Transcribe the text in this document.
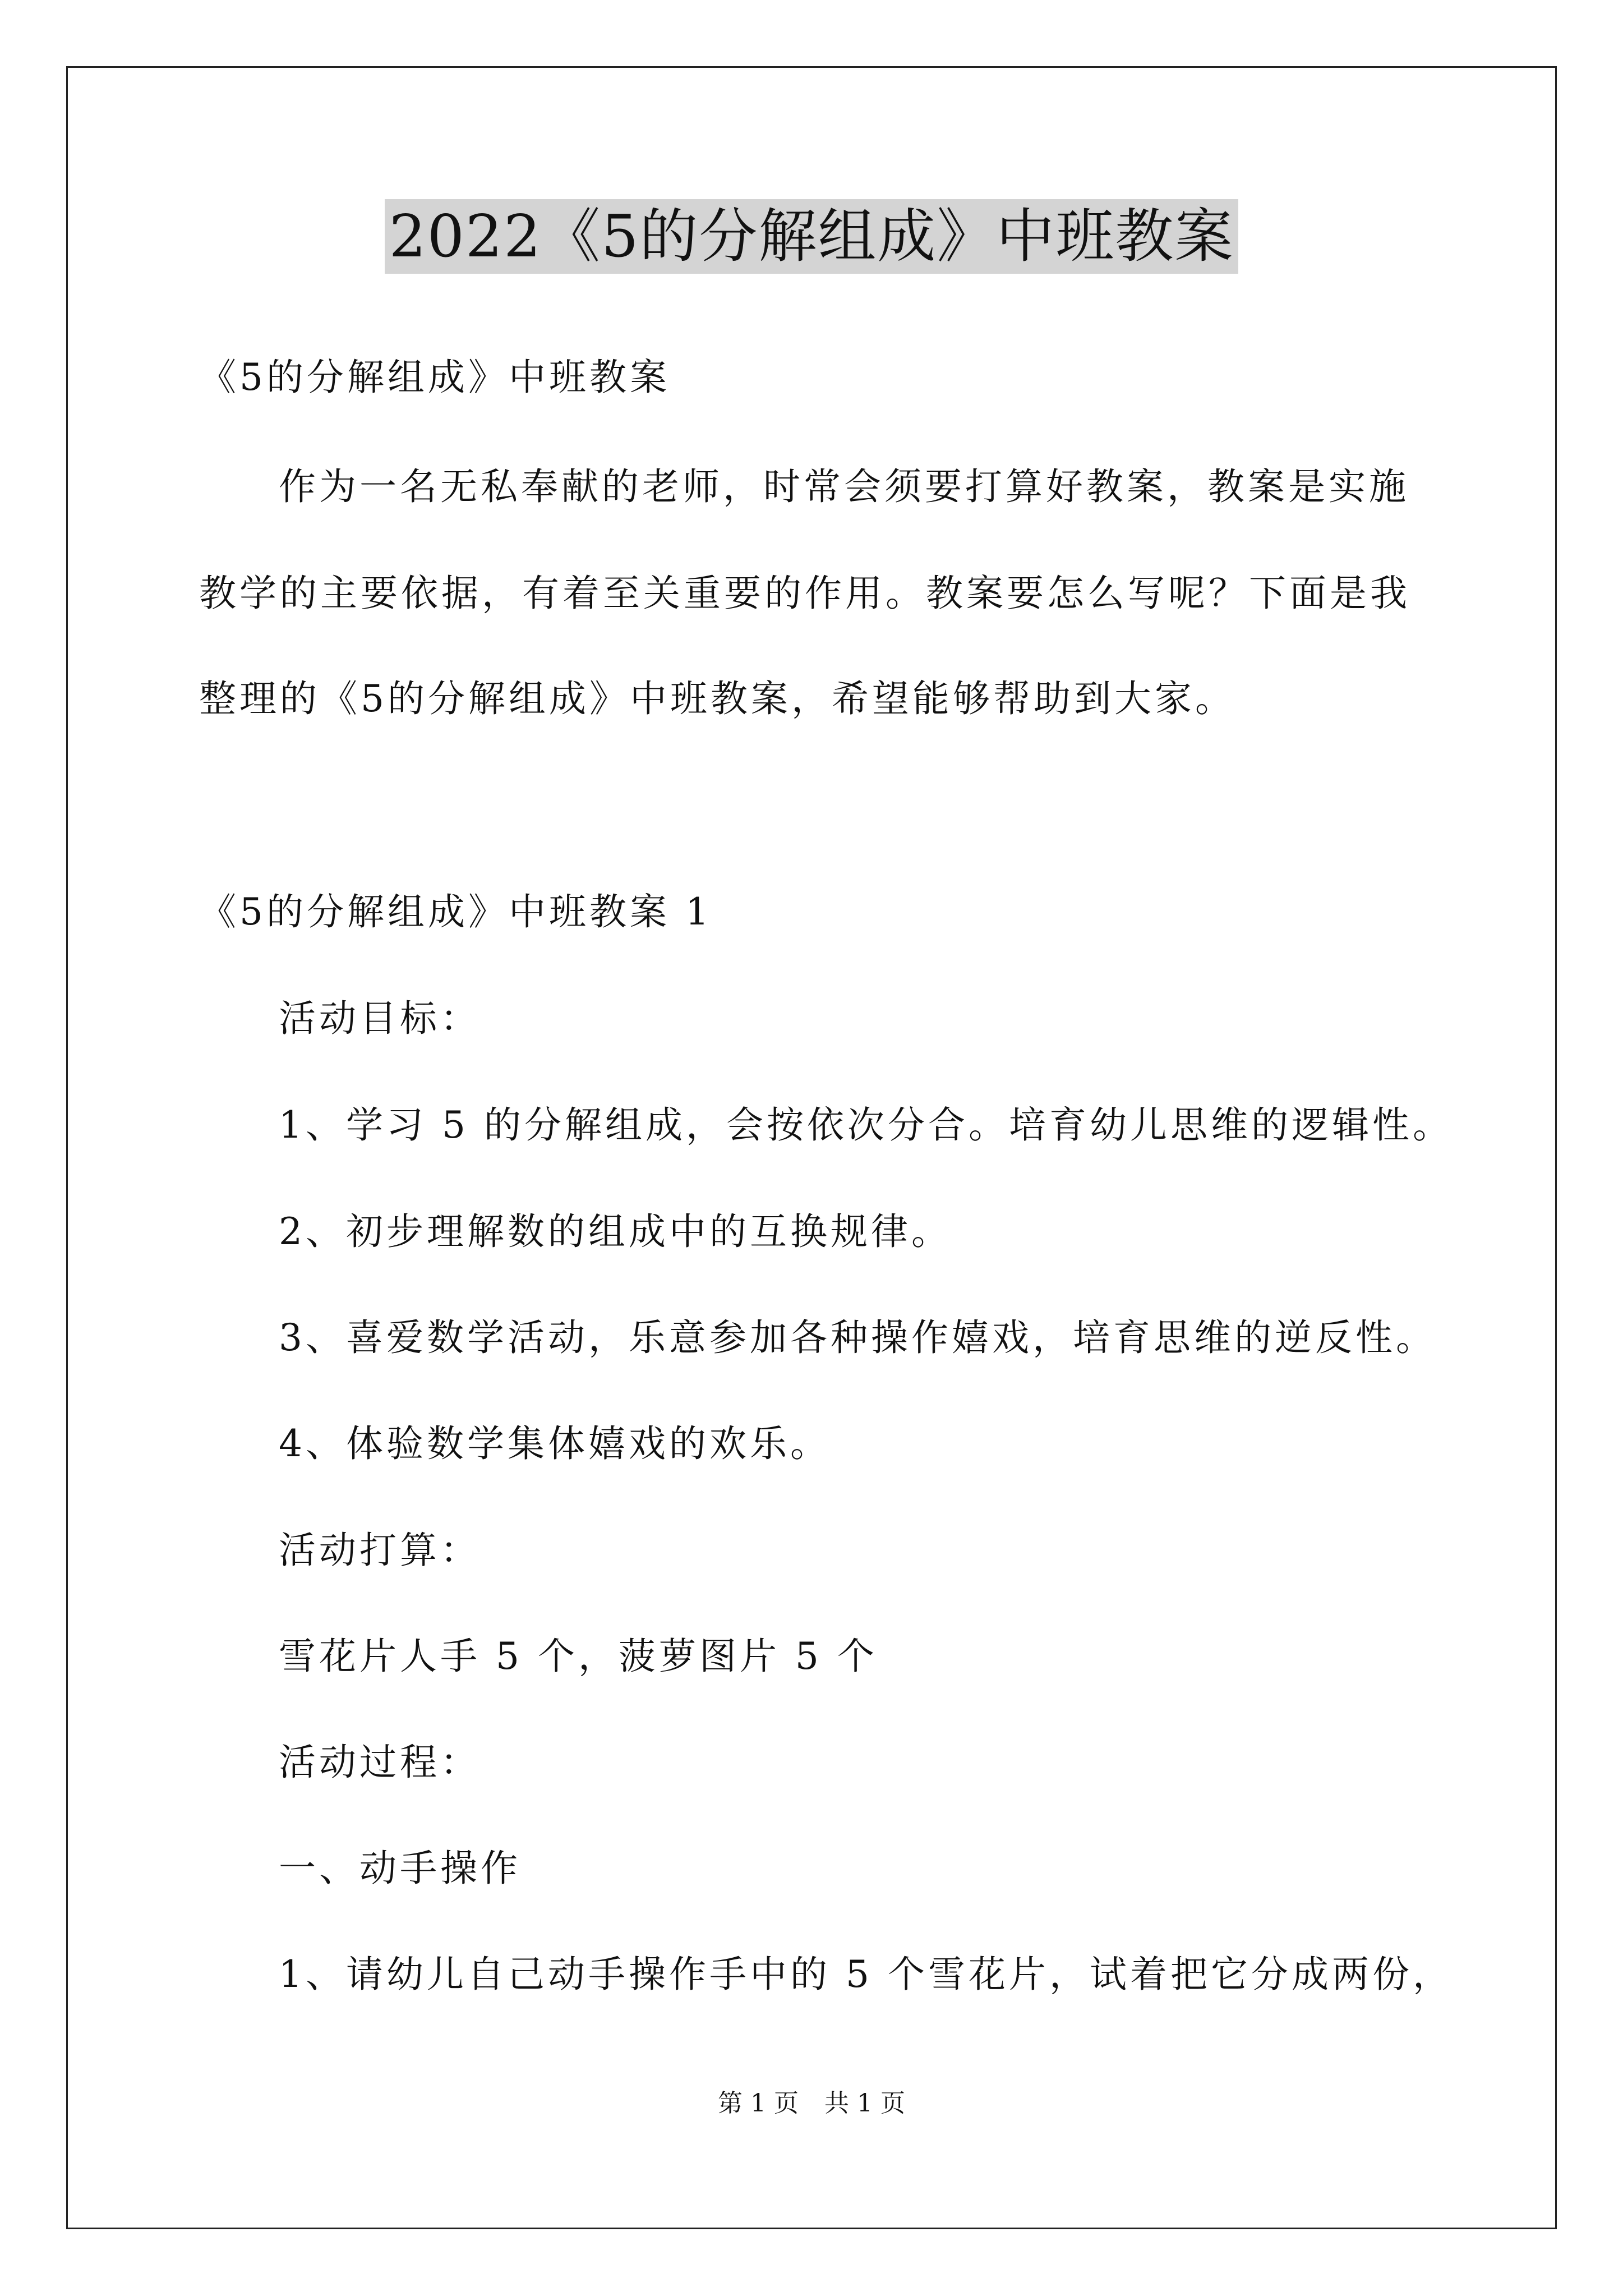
2022《5的分解组成》中班教案
《5的分解组成》中班教案
作为一名无私奉献的老师，时常会须要打算好教案，教案是实施
教学的主要依据，有着至关重要的作用。教案要怎么写呢？下面是我
整理的《5的分解组成》中班教案，希望能够帮助到大家。
《5的分解组成》中班教案 1
活动目标：
1、学习 5 的分解组成，会按依次分合。培育幼儿思维的逻辑性。
2、初步理解数的组成中的互换规律。
3、喜爱数学活动，乐意参加各种操作嬉戏，培育思维的逆反性。
4、体验数学集体嬉戏的欢乐。
活动打算：
雪花片人手 5 个，菠萝图片 5 个
活动过程：
一、动手操作
1、请幼儿自己动手操作手中的 5 个雪花片，试着把它分成两份，
第 1 页 共 1 页
